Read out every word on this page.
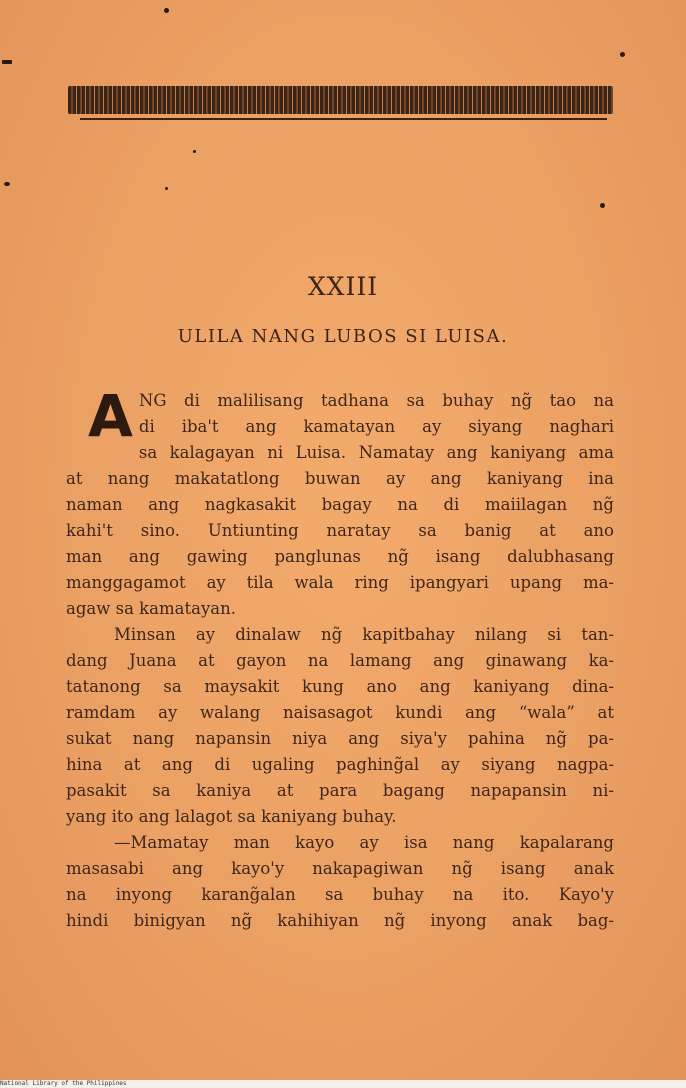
XXIII
ULILA NANG LUBOS SI LUISA.
A NG di malilisang tadhana sa buhay ng̃ tao na
di iba't ang kamatayan ay siyang naghari
sa kalagayan ni Luisa. Namatay ang kaniyang ama
at nang makatatlong buwan ay ang kaniyang ina
naman ang nagkasakit bagay na di maiilagan ng̃
kahi't sino. Untiunting naratay sa banig at ano
man ang gawing panglunas ng̃ isang dalubhasang
manggagamot ay tila wala ring ipangyari upang ma-
agaw sa kamatayan.
Minsan ay dinalaw ng̃ kapitbahay nilang si tan-
dang Juana at gayon na lamang ang ginawang ka-
tatanong sa maysakit kung ano ang kaniyang dina-
ramdam ay walang naisasagot kundi ang “wala” at
sukat nang napansin niya ang siya'y pahina ng̃ pa-
hina at ang di ugaling paghing̃al ay siyang nagpa-
pasakit sa kaniya at para bagang napapansin ni-
yang ito ang lalagot sa kaniyang buhay.
—Mamatay man kayo ay isa nang kapalarang
masasabi ang kayo'y nakapagiwan ng̃ isang anak
na inyong karang̃alan sa buhay na ito. Kayo'y
hindi binigyan ng̃ kahihiyan ng̃ inyong anak bag-
National Library of the Philippines
